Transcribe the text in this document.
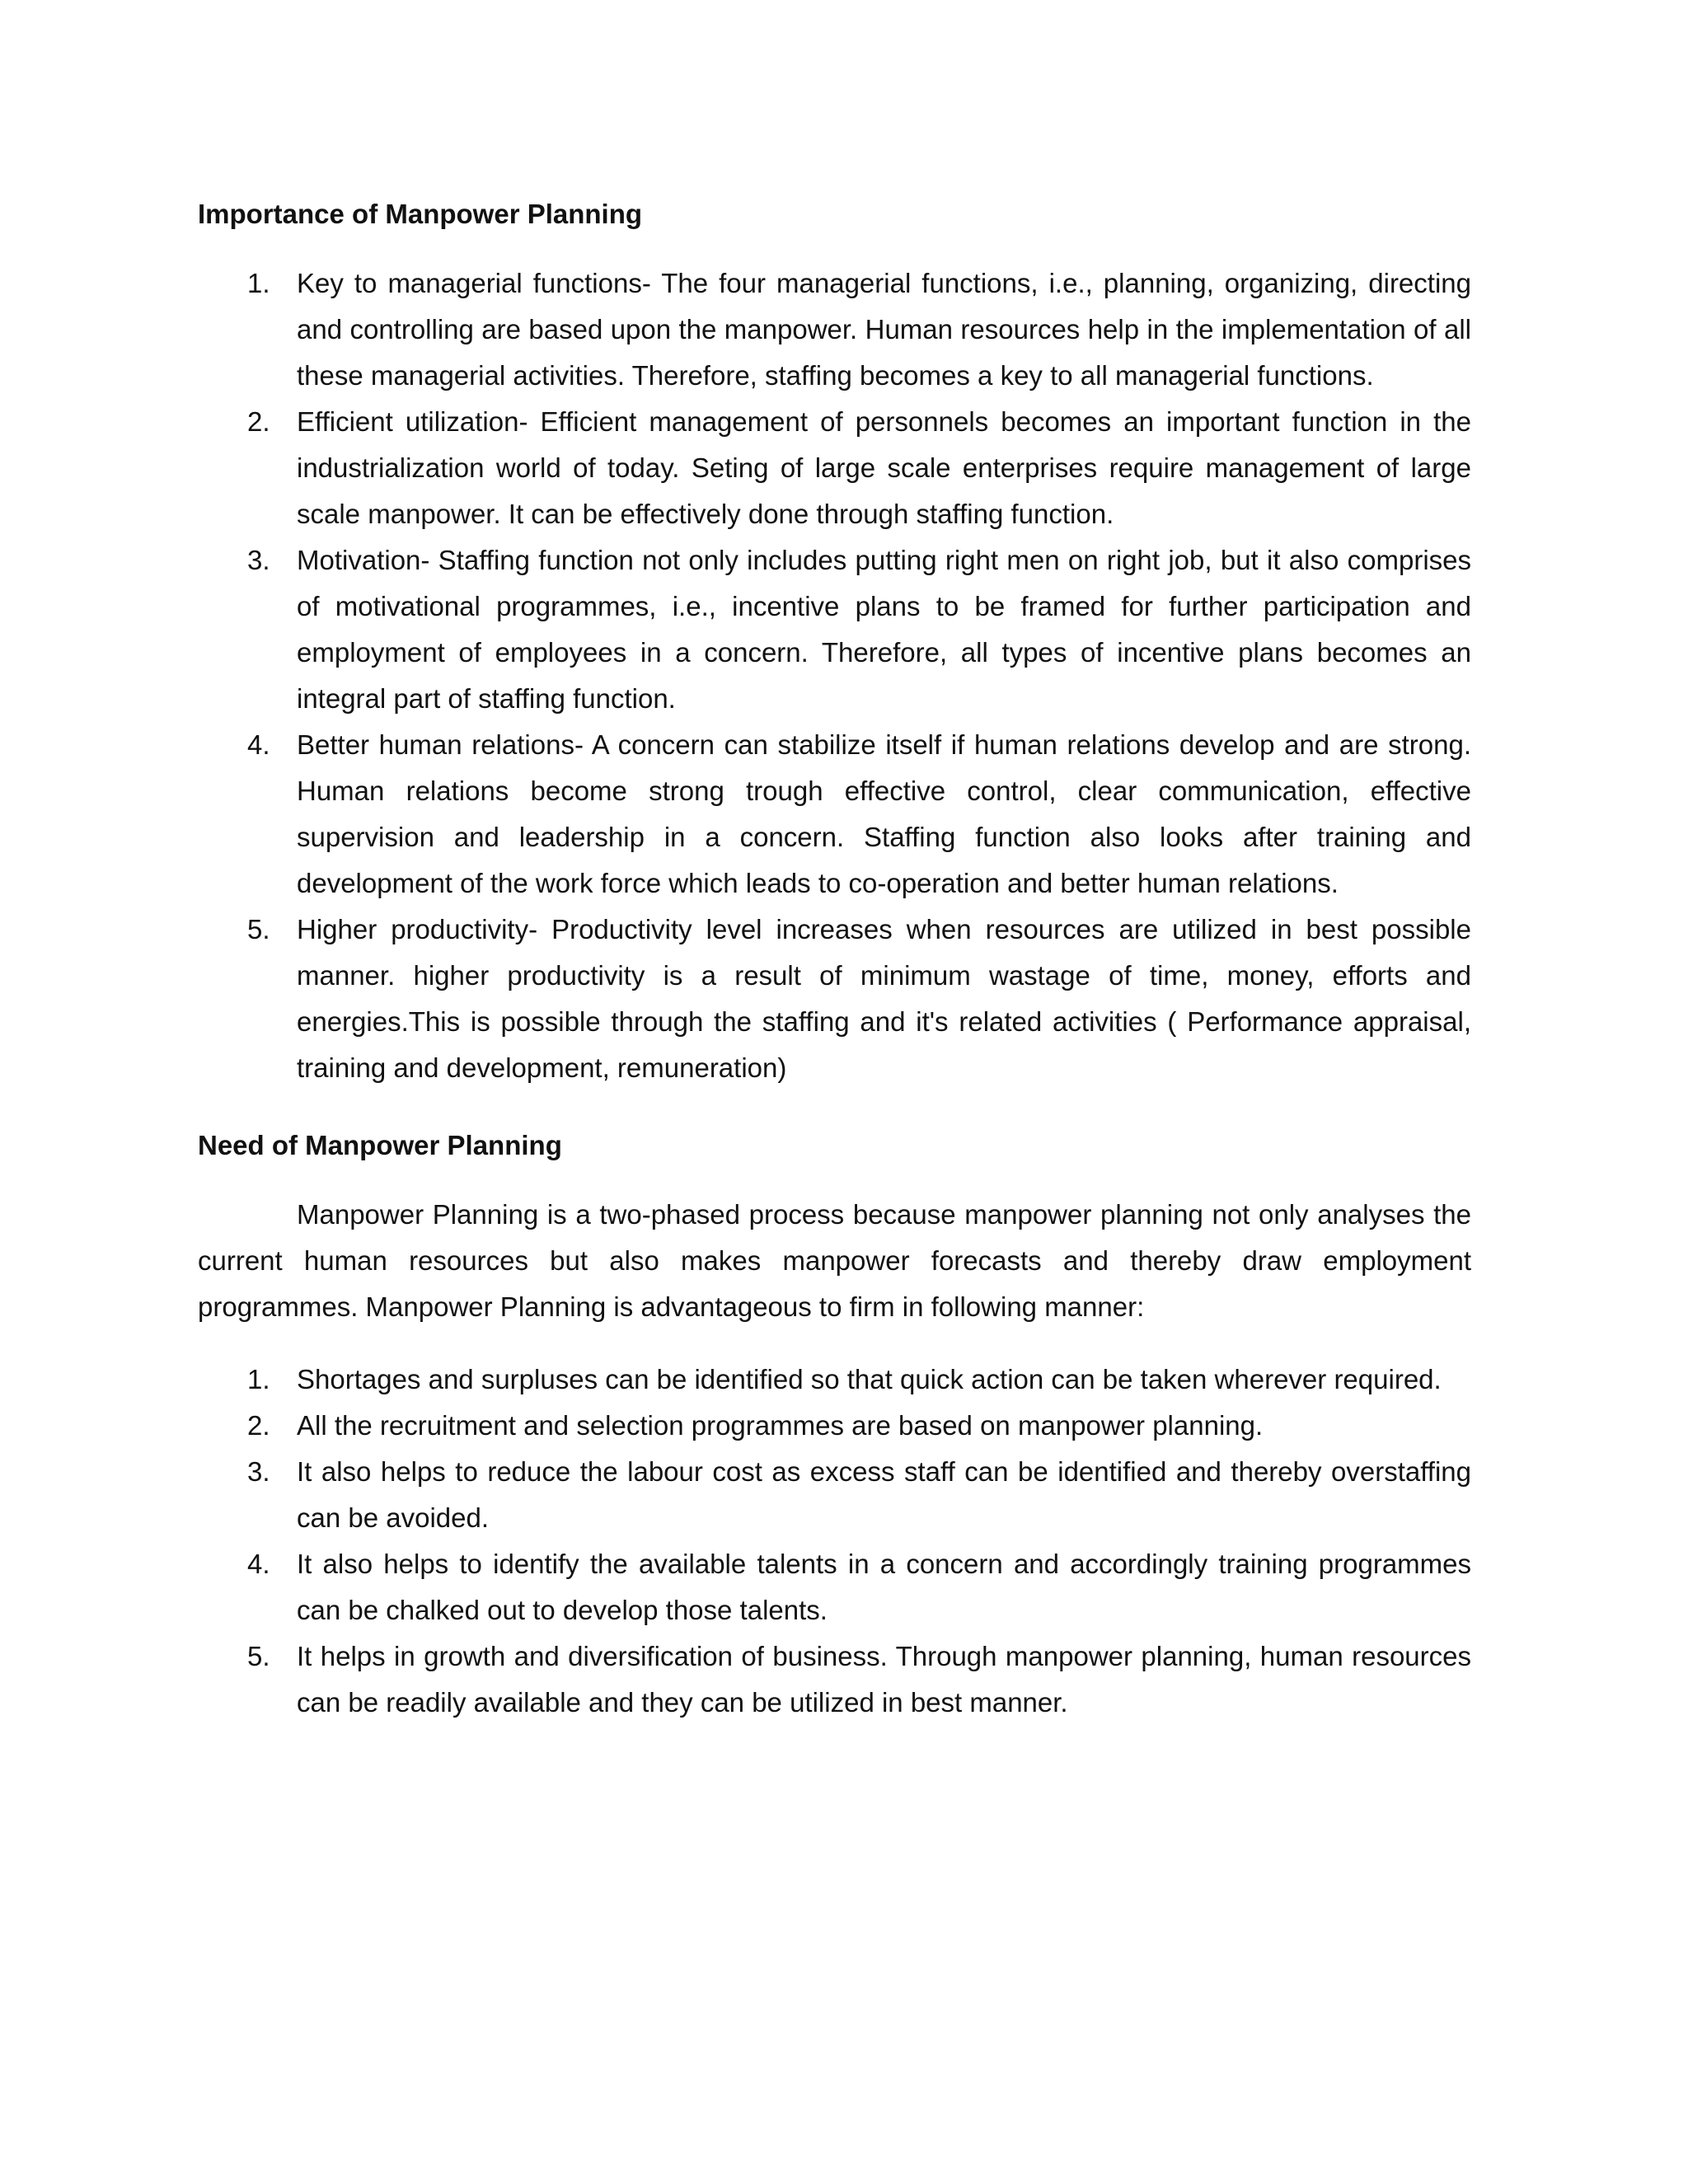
Importance of Manpower Planning
1. Key to managerial functions- The four managerial functions, i.e., planning, organizing, directing and controlling are based upon the manpower. Human resources help in the implementation of all these managerial activities. Therefore, staffing becomes a key to all managerial functions.
2. Efficient utilization- Efficient management of personnels becomes an important function in the industrialization world of today. Seting of large scale enterprises require management of large scale manpower. It can be effectively done through staffing function.
3. Motivation- Staffing function not only includes putting right men on right job, but it also comprises of motivational programmes, i.e., incentive plans to be framed for further participation and employment of employees in a concern. Therefore, all types of incentive plans becomes an integral part of staffing function.
4. Better human relations- A concern can stabilize itself if human relations develop and are strong. Human relations become strong trough effective control, clear communication, effective supervision and leadership in a concern. Staffing function also looks after training and development of the work force which leads to co-operation and better human relations.
5. Higher productivity- Productivity level increases when resources are utilized in best possible manner. higher productivity is a result of minimum wastage of time, money, efforts and energies.This is possible through the staffing and it's related activities ( Performance appraisal, training and development, remuneration)
Need of Manpower Planning

Manpower Planning is a two-phased process because manpower planning not only analyses the current human resources but also makes manpower forecasts and thereby draw employment programmes. Manpower Planning is advantageous to firm in following manner:

1. Shortages and surpluses can be identified so that quick action can be taken wherever required.
2. All the recruitment and selection programmes are based on manpower planning.
3. It also helps to reduce the labour cost as excess staff can be identified and thereby overstaffing can be avoided.
4. It also helps to identify the available talents in a concern and accordingly training programmes can be chalked out to develop those talents.
5. It helps in growth and diversification of business. Through manpower planning, human resources can be readily available and they can be utilized in best manner.
